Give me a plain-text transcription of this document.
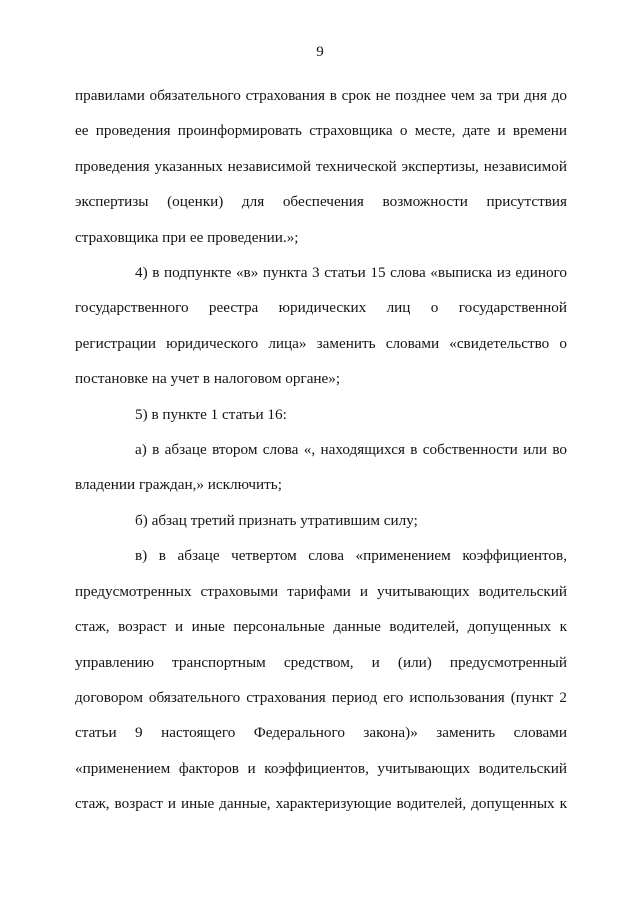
9
правилами обязательного страхования в срок не позднее чем за три дня до
ее проведения проинформировать страховщика о месте, дате и времени
проведения указанных независимой технической экспертизы, независимой
экспертизы (оценки) для обеспечения возможности присутствия
страховщика при ее проведении.»;
4) в подпункте «в» пункта 3 статьи 15 слова «выписка из единого
государственного реестра юридических лиц о государственной
регистрации юридического лица» заменить словами «свидетельство о
постановке на учет в налоговом органе»;
5) в пункте 1 статьи 16:
а) в абзаце втором слова «, находящихся в собственности или во
владении граждан,» исключить;
б) абзац третий признать утратившим силу;
в) в абзаце четвертом слова «применением коэффициентов,
предусмотренных страховыми тарифами и учитывающих водительский
стаж, возраст и иные персональные данные водителей, допущенных к
управлению транспортным средством, и (или) предусмотренный
договором обязательного страхования период его использования (пункт 2
статьи 9 настоящего Федерального закона)» заменить словами
«применением факторов и коэффициентов, учитывающих водительский
стаж, возраст и иные данные, характеризующие водителей, допущенных к
